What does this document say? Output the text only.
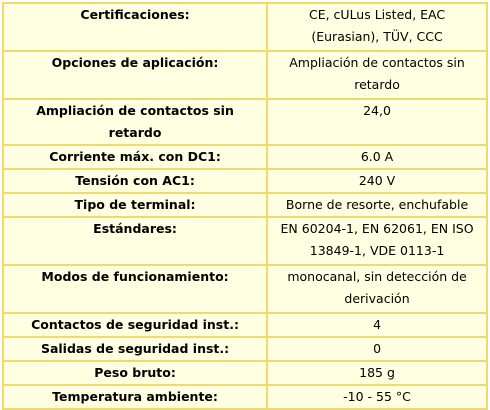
Certificaciones:	CE, cULus Listed, EAC
(Eurasian), TÜV, CCC
Opciones de aplicación:	Ampliación de contactos sin
retardo
Ampliación de contactos sin retardo	24,0
Corriente máx. con DC1:	6.0 A
Tensión con AC1:	240 V
Tipo de terminal:	Borne de resorte, enchufable
Estándares:	EN 60204-1, EN 62061, EN ISO
13849-1, VDE 0113-1
Modos de funcionamiento:	monocanal, sin detección de
derivación
Contactos de seguridad inst.:	4
Salidas de seguridad inst.:	0
Peso bruto:	185 g
Temperatura ambiente:	-10 - 55 °C
